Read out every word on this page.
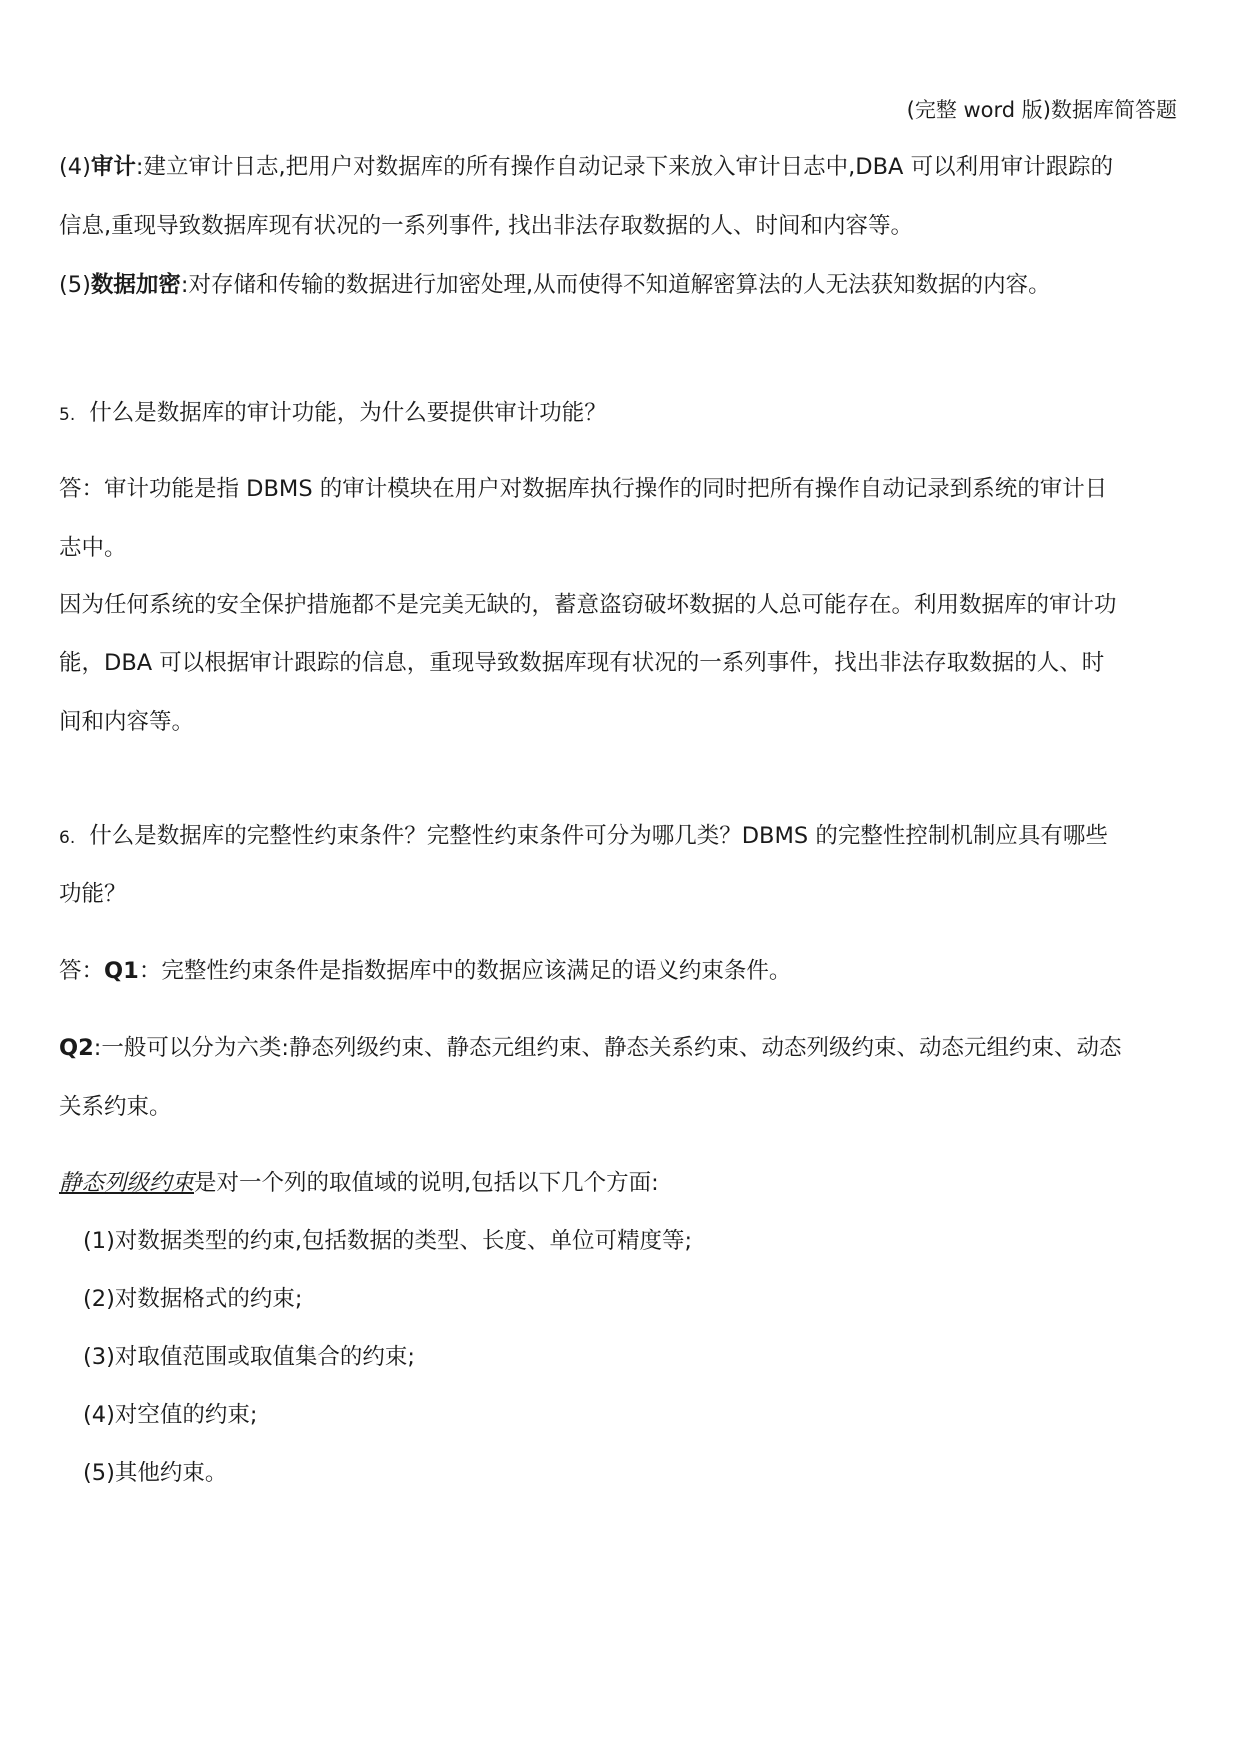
(完整 word 版)数据库简答题
(4)审计:建立审计日志,把用户对数据库的所有操作自动记录下来放入审计日志中,DBA 可以利用审计跟踪的
信息,重现导致数据库现有状况的一系列事件, 找出非法存取数据的人、时间和内容等。
(5)数据加密:对存储和传输的数据进行加密处理,从而使得不知道解密算法的人无法获知数据的内容。
5. 什么是数据库的审计功能，为什么要提供审计功能？
答：审计功能是指 DBMS 的审计模块在用户对数据库执行操作的同时把所有操作自动记录到系统的审计日
志中。
因为任何系统的安全保护措施都不是完美无缺的，蓄意盗窃破坏数据的人总可能存在。利用数据库的审计功
能，DBA 可以根据审计跟踪的信息，重现导致数据库现有状况的一系列事件，找出非法存取数据的人、时
间和内容等。
6. 什么是数据库的完整性约束条件？完整性约束条件可分为哪几类？DBMS 的完整性控制机制应具有哪些
功能？
答：Q1：完整性约束条件是指数据库中的数据应该满足的语义约束条件。
Q2:一般可以分为六类:静态列级约束、静态元组约束、静态关系约束、动态列级约束、动态元组约束、动态
关系约束。
静态列级约束是对一个列的取值域的说明,包括以下几个方面:
(1)对数据类型的约束,包括数据的类型、长度、单位可精度等;
(2)对数据格式的约束;
(3)对取值范围或取值集合的约束;
(4)对空值的约束;
(5)其他约束。
